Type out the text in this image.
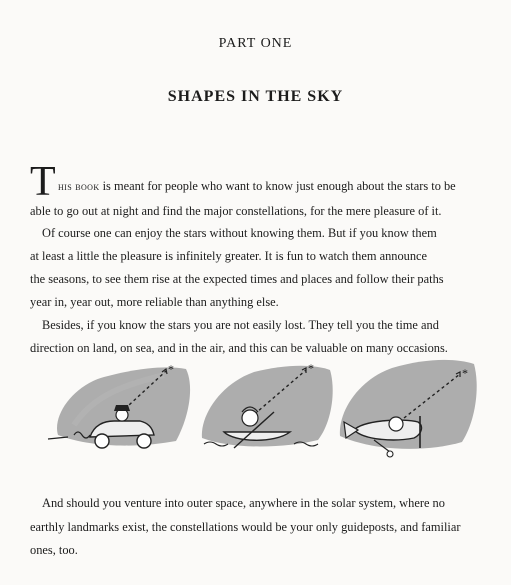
PART ONE
SHAPES IN THE SKY
T his book is meant for people who want to know just enough about the stars to be
able to go out at night and find the major constellations, for the mere pleasure of it.
Of course one can enjoy the stars without knowing them. But if you know them
at least a little the pleasure is infinitely greater. It is fun to watch them announce
the seasons, to see them rise at the expected times and places and follow their paths
year in, year out, more reliable than anything else.
Besides, if you know the stars you are not easily lost. They tell you the time and
direction on land, on sea, and in the air, and this can be valuable on many occasions.
*	*	*
And should you venture into outer space, anywhere in the solar system, where no
earthly landmarks exist, the constellations would be your only guideposts, and familiar
ones, too.
